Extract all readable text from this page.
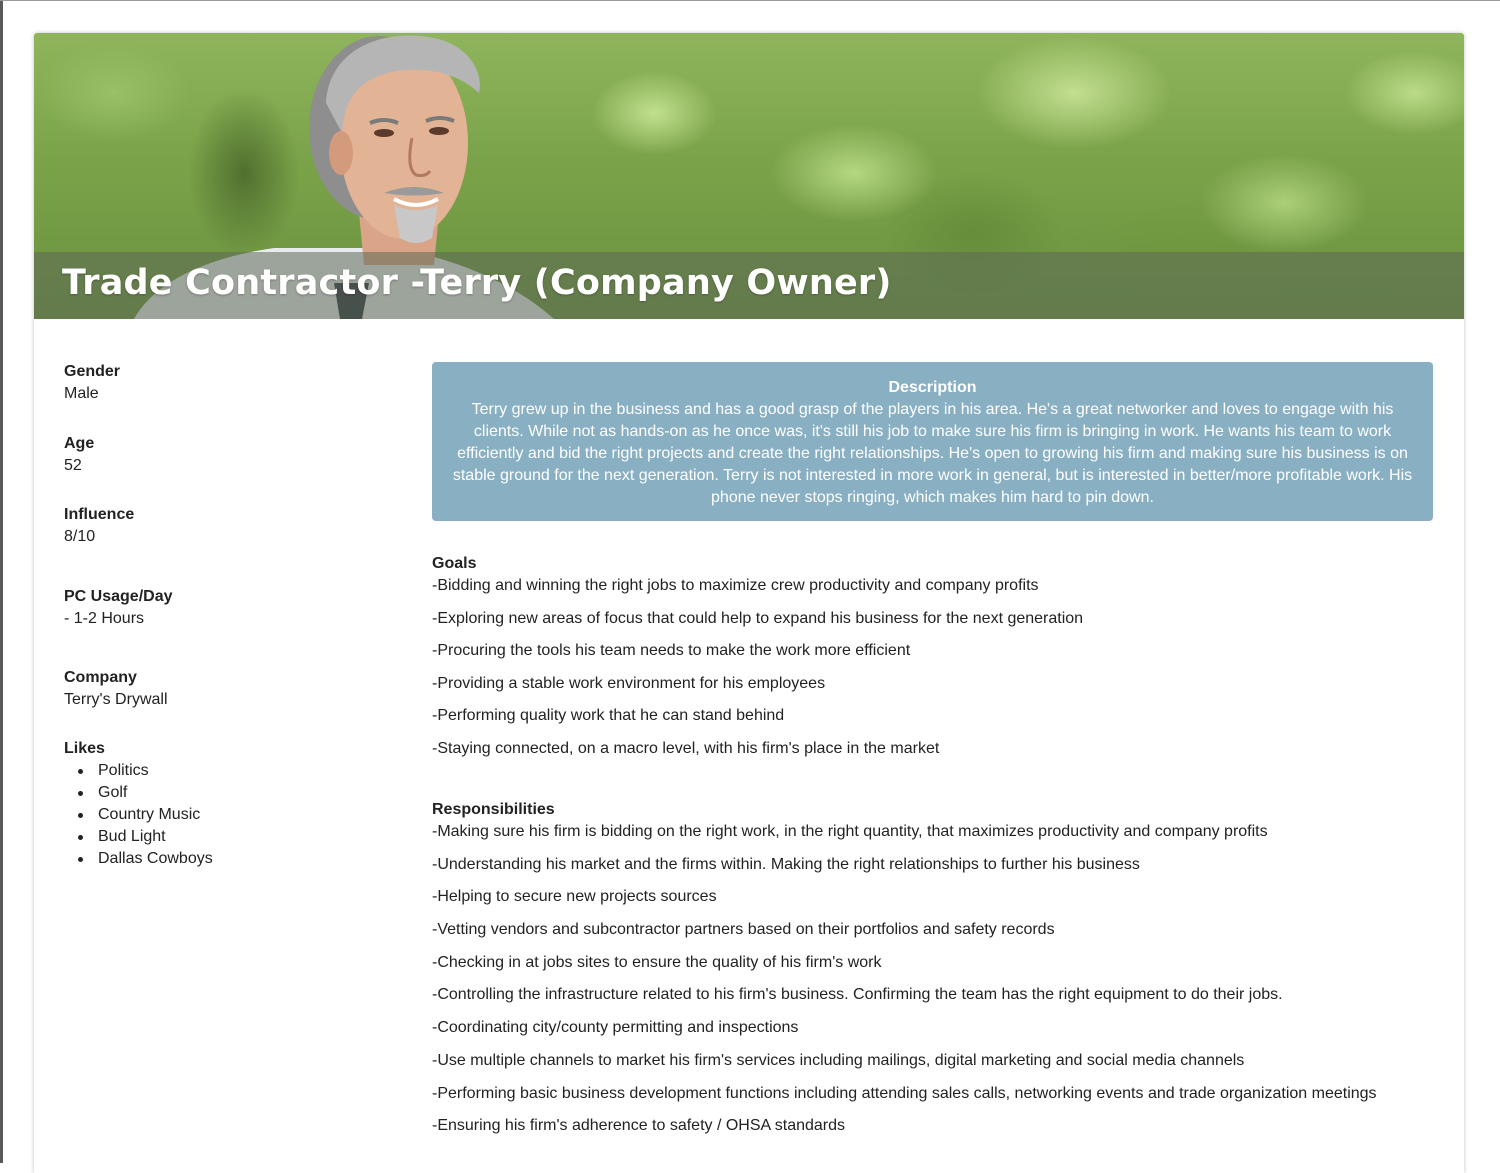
Trade Contractor -Terry (Company Owner)
Gender
Male
Age
52
Influence
8/10
PC Usage/Day
- 1-2 Hours
Company
Terry's Drywall
Likes
Politics
Golf
Country Music
Bud Light
Dallas Cowboys
Description
Terry grew up in the business and has a good grasp of the players in his area. He's a great networker and loves to engage with his clients. While not as hands-on as he once was, it's still his job to make sure his firm is bringing in work. He wants his team to work efficiently and bid the right projects and create the right relationships. He's open to growing his firm and making sure his business is on stable ground for the next generation. Terry is not interested in more work in general, but is interested in better/more profitable work. His phone never stops ringing, which makes him hard to pin down.
Goals
-Bidding and winning the right jobs to maximize crew productivity and company profits
-Exploring new areas of focus that could help to expand his business for the next generation
-Procuring the tools his team needs to make the work more efficient
-Providing a stable work environment for his employees
-Performing quality work that he can stand behind
-Staying connected, on a macro level, with his firm's place in the market
Responsibilities
-Making sure his firm is bidding on the right work, in the right quantity, that maximizes productivity and company profits
-Understanding his market and the firms within. Making the right relationships to further his business
-Helping to secure new projects sources
-Vetting vendors and subcontractor partners based on their portfolios and safety records
-Checking in at jobs sites to ensure the quality of his firm's work
-Controlling the infrastructure related to his firm's business. Confirming the team has the right equipment to do their jobs.
-Coordinating city/county permitting and inspections
-Use multiple channels to market his firm's services including mailings, digital marketing and social media channels
-Performing basic business development functions including attending sales calls, networking events and trade organization meetings
-Ensuring his firm's adherence to safety / OHSA standards
